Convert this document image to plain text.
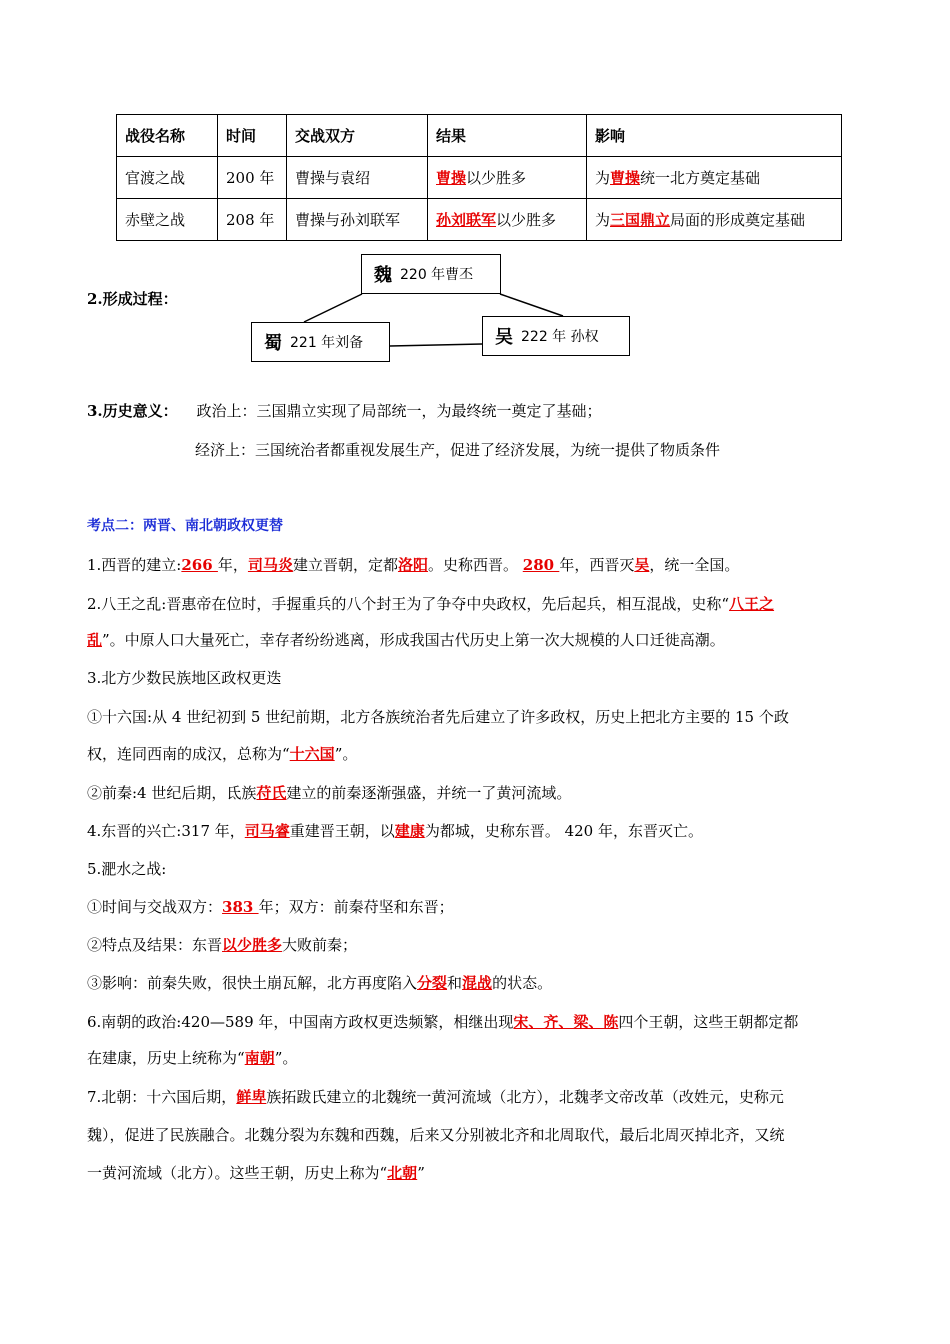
战役名称	时间	交战双方	结果	影响
官渡之战	200 年	曹操与袁绍	曹操以少胜多	为曹操统一北方奠定基础
赤壁之战	208 年	曹操与孙刘联军	孙刘联军以少胜多	为三国鼎立局面的形成奠定基础
2.形成过程：
魏 220 年曹丕
蜀 221 年刘备	吴 222 年 孙权
3.历史意义： 政治上：三国鼎立实现了局部统一，为最终统一奠定了基础；
经济上：三国统治者都重视发展生产，促进了经济发展，为统一提供了物质条件
考点二：两晋、南北朝政权更替
1.西晋的建立:266 年，司马炎建立晋朝，定都洛阳。史称西晋。 280 年，西晋灭吴，统一全国。
2.八王之乱:晋惠帝在位时，手握重兵的八个封王为了争夺中央政权，先后起兵，相互混战，史称“八王之
乱”。中原人口大量死亡，幸存者纷纷逃离，形成我国古代历史上第一次大规模的人口迁徙高潮。
3.北方少数民族地区政权更迭
①十六国:从 4 世纪初到 5 世纪前期，北方各族统治者先后建立了许多政权，历史上把北方主要的 15 个政
权，连同西南的成汉，总称为“十六国”。
②前秦:4 世纪后期，氐族苻氏建立的前秦逐渐强盛，并统一了黄河流域。
4.东晋的兴亡:317 年，司马睿重建晋王朝，以建康为都城，史称东晋。 420 年，东晋灭亡。
5.淝水之战:
①时间与交战双方：383 年；双方：前秦苻坚和东晋；
②特点及结果：东晋以少胜多大败前秦；
③影响：前秦失败，很快土崩瓦解，北方再度陷入分裂和混战的状态。
6.南朝的政治:420—589 年，中国南方政权更迭频繁，相继出现宋、齐、梁、陈四个王朝，这些王朝都定都
在建康，历史上统称为“南朝”。
7.北朝：十六国后期，鲜卑族拓跋氏建立的北魏统一黄河流域（北方），北魏孝文帝改革（改姓元，史称元
魏），促进了民族融合。北魏分裂为东魏和西魏，后来又分别被北齐和北周取代，最后北周灭掉北齐，又统
一黄河流域（北方）。这些王朝，历史上称为“北朝”
